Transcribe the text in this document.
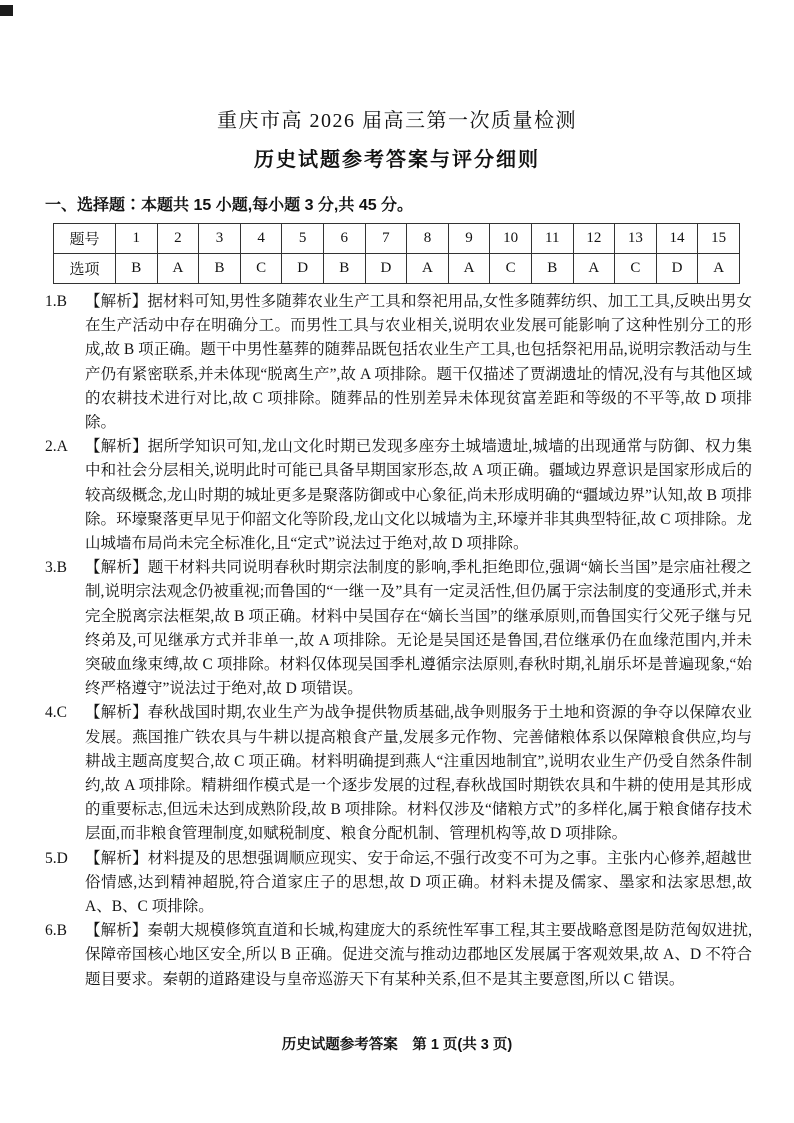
重庆市高 2026 届高三第一次质量检测
历史试题参考答案与评分细则
一、选择题∶本题共 15 小题,每小题 3 分,共 45 分。
题号	1	2	3	4	5	6	7	8	9	10	11	12	13	14	15
选项	B	A	B	C	D	B	D	A	A	C	B	A	C	D	A
1.B	【解析】据材料可知,男性多随葬农业生产工具和祭祀用品,女性多随葬纺织、加工工具,反映出男女在生产活动中存在明确分工。而男性工具与农业相关,说明农业发展可能影响了这种性别分工的形成,故 B 项正确。题干中男性墓葬的随葬品既包括农业生产工具,也包括祭祀用品,说明宗教活动与生产仍有紧密联系,并未体现“脱离生产”,故 A 项排除。题干仅描述了贾湖遗址的情况,没有与其他区域的农耕技术进行对比,故 C 项排除。随葬品的性别差异未体现贫富差距和等级的不平等,故 D 项排除。
2.A	【解析】据所学知识可知,龙山文化时期已发现多座夯土城墙遗址,城墙的出现通常与防御、权力集中和社会分层相关,说明此时可能已具备早期国家形态,故 A 项正确。疆域边界意识是国家形成后的较高级概念,龙山时期的城址更多是聚落防御或中心象征,尚未形成明确的“疆域边界”认知,故 B 项排除。环壕聚落更早见于仰韶文化等阶段,龙山文化以城墙为主,环壕并非其典型特征,故 C 项排除。龙山城墙布局尚未完全标准化,且“定式”说法过于绝对,故 D 项排除。
3.B	【解析】题干材料共同说明春秋时期宗法制度的影响,季札拒绝即位,强调“嫡长当国”是宗庙社稷之制,说明宗法观念仍被重视;而鲁国的“一继一及”具有一定灵活性,但仍属于宗法制度的变通形式,并未完全脱离宗法框架,故 B 项正确。材料中吴国存在“嫡长当国”的继承原则,而鲁国实行父死子继与兄终弟及,可见继承方式并非单一,故 A 项排除。无论是吴国还是鲁国,君位继承仍在血缘范围内,并未突破血缘束缚,故 C 项排除。材料仅体现吴国季札遵循宗法原则,春秋时期,礼崩乐坏是普遍现象,“始终严格遵守”说法过于绝对,故 D 项错误。
4.C	【解析】春秋战国时期,农业生产为战争提供物质基础,战争则服务于土地和资源的争夺以保障农业发展。燕国推广铁农具与牛耕以提高粮食产量,发展多元作物、完善储粮体系以保障粮食供应,均与耕战主题高度契合,故 C 项正确。材料明确提到燕人“注重因地制宜”,说明农业生产仍受自然条件制约,故 A 项排除。精耕细作模式是一个逐步发展的过程,春秋战国时期铁农具和牛耕的使用是其形成的重要标志,但远未达到成熟阶段,故 B 项排除。材料仅涉及“储粮方式”的多样化,属于粮食储存技术层面,而非粮食管理制度,如赋税制度、粮食分配机制、管理机构等,故 D 项排除。
5.D	【解析】材料提及的思想强调顺应现实、安于命运,不强行改变不可为之事。主张内心修养,超越世俗情感,达到精神超脱,符合道家庄子的思想,故 D 项正确。材料未提及儒家、墨家和法家思想,故 A、B、C 项排除。
6.B	【解析】秦朝大规模修筑直道和长城,构建庞大的系统性军事工程,其主要战略意图是防范匈奴进扰,保障帝国核心地区安全,所以 B 正确。促进交流与推动边郡地区发展属于客观效果,故 A、D 不符合题目要求。秦朝的道路建设与皇帝巡游天下有某种关系,但不是其主要意图,所以 C 错误。
历史试题参考答案　第 1 页(共 3 页)
